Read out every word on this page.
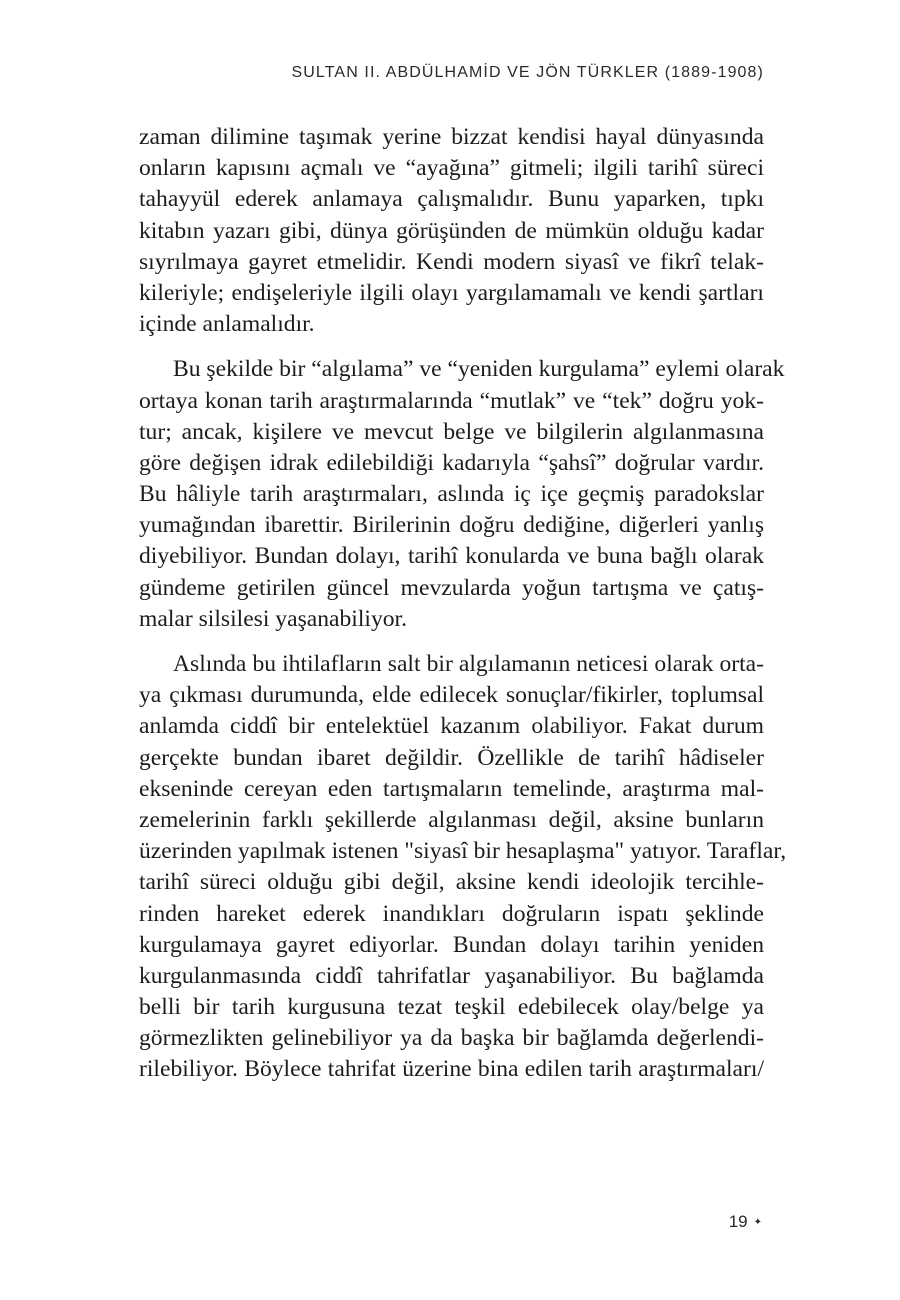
SULTAN II. ABDÜLHAMİD VE JÖN TÜRKLER (1889-1908)
zaman dilimine taşımak yerine bizzat kendisi hayal dünyasında
onların kapısını açmalı ve “ayağına” gitmeli; ilgili tarihî süreci
tahayyül ederek anlamaya çalışmalıdır. Bunu yaparken, tıpkı
kitabın yazarı gibi, dünya görüşünden de mümkün olduğu kadar
sıyrılmaya gayret etmelidir. Kendi modern siyasî ve fikrî telak-
kileriyle; endişeleriyle ilgili olayı yargılamamalı ve kendi şartları
içinde anlamalıdır.
Bu şekilde bir “algılama” ve “yeniden kurgulama” eylemi olarak
ortaya konan tarih araştırmalarında “mutlak” ve “tek” doğru yok-
tur; ancak, kişilere ve mevcut belge ve bilgilerin algılanmasına
göre değişen idrak edilebildiği kadarıyla “şahsî” doğrular vardır.
Bu hâliyle tarih araştırmaları, aslında iç içe geçmiş paradokslar
yumağından ibarettir. Birilerinin doğru dediğine, diğerleri yanlış
diyebiliyor. Bundan dolayı, tarihî konularda ve buna bağlı olarak
gündeme getirilen güncel mevzularda yoğun tartışma ve çatış-
malar silsilesi yaşanabiliyor.
Aslında bu ihtilafların salt bir algılamanın neticesi olarak orta-
ya çıkması durumunda, elde edilecek sonuçlar/fikirler, toplumsal
anlamda ciddî bir entelektüel kazanım olabiliyor. Fakat durum
gerçekte bundan ibaret değildir. Özellikle de tarihî hâdiseler
ekseninde cereyan eden tartışmaların temelinde, araştırma mal-
zemelerinin farklı şekillerde algılanması değil, aksine bunların
üzerinden yapılmak istenen "siyasî bir hesaplaşma" yatıyor. Taraflar,
tarihî süreci olduğu gibi değil, aksine kendi ideolojik tercihle-
rinden hareket ederek inandıkları doğruların ispatı şeklinde
kurgulamaya gayret ediyorlar. Bundan dolayı tarihin yeniden
kurgulanmasında ciddî tahrifatlar yaşanabiliyor. Bu bağlamda
belli bir tarih kurgusuna tezat teşkil edebilecek olay/belge ya
görmezlikten gelinebiliyor ya da başka bir bağlamda değerlendi-
rilebiliyor. Böylece tahrifat üzerine bina edilen tarih araştırmaları/
19 ✦
